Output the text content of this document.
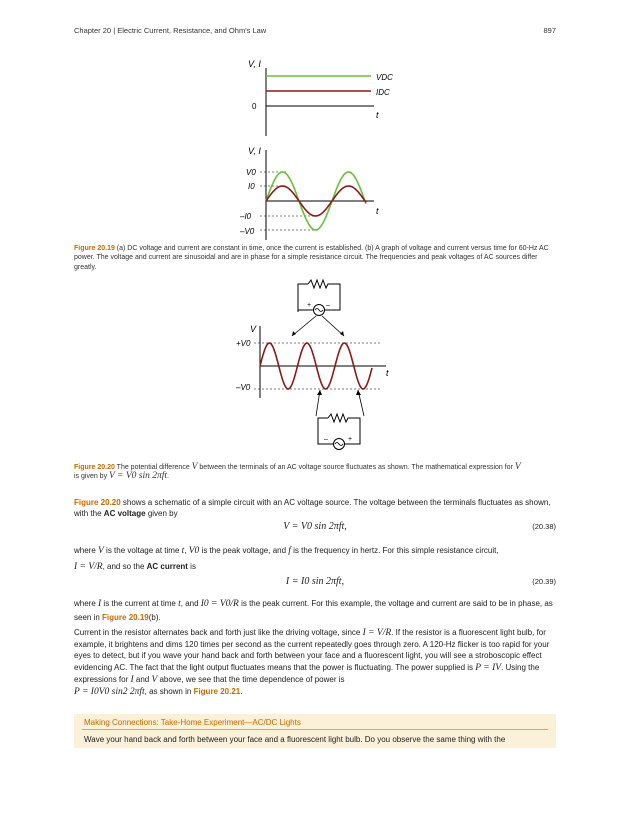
Chapter 20 | Electric Current, Resistance, and Ohm's Law	897
V, I
0
VDC
IDC
t
V, I
V0
I0
–I0
–V0
t
Figure 20.19 (a) DC voltage and current are constant in time, once the current is established. (b) A graph of voltage and current versus time for 60-Hz AC power. The voltage and current are sinusoidal and are in phase for a simple resistance circuit. The frequencies and peak voltages of AC sources differ greatly.
+ –
V
+V0
–V0
t
–	+
Figure 20.20 The potential difference V between the terminals of an AC voltage source fluctuates as shown. The mathematical expression for V
is given by V = V0 sin 2πft.
Figure 20.20 shows a schematic of a simple circuit with an AC voltage source. The voltage between the terminals fluctuates as shown, with the AC voltage given by
V = V0 sin 2πft,	(20.38)
where V is the voltage at time t, V0 is the peak voltage, and f is the frequency in hertz. For this simple resistance circuit,
I = V/R, and so the AC current is
I = I0 sin 2πft,	(20.39)
where I is the current at time t, and I0 = V0/R is the peak current. For this example, the voltage and current are said to be in phase, as seen in Figure 20.19(b).
Current in the resistor alternates back and forth just like the driving voltage, since I = V/R. If the resistor is a fluorescent light bulb, for example, it brightens and dims 120 times per second as the current repeatedly goes through zero. A 120-Hz flicker is too rapid for your eyes to detect, but if you wave your hand back and forth between your face and a fluorescent light, you will see a stroboscopic effect evidencing AC. The fact that the light output fluctuates means that the power is fluctuating. The power supplied is P = IV. Using the expressions for I and V above, we see that the time dependence of power is
P = I0V0 sin2 2πft, as shown in Figure 20.21.
Making Connections: Take-Home Experiment—AC/DC Lights
Wave your hand back and forth between your face and a fluorescent light bulb. Do you observe the same thing with the
